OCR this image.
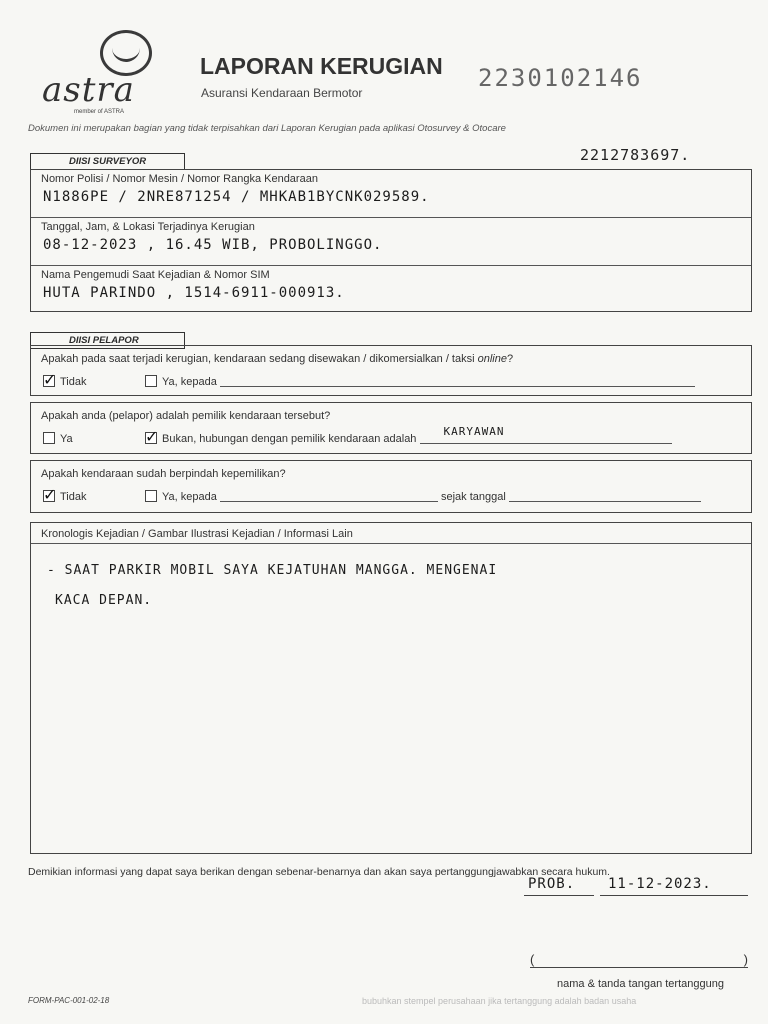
astra
member of ASTRA
LAPORAN KERUGIAN
Asuransi Kendaraan Bermotor
2230102146
Dokumen ini merupakan bagian yang tidak terpisahkan dari Laporan Kerugian pada aplikasi Otosurvey & Otocare
DIISI SURVEYOR	2212783697.
Nomor Polisi / Nomor Mesin / Nomor Rangka Kendaraan
N1886PE / 2NRE871254 / MHKAB1BYCNK029589.
Tanggal, Jam, & Lokasi Terjadinya Kerugian
08-12-2023 , 16.45 WIB, PROBOLINGGO.
Nama Pengemudi Saat Kejadian & Nomor SIM
HUTA PARINDO , 1514-6911-000913.
DIISI PELAPOR
Apakah pada saat terjadi kerugian, kendaraan sedang disewakan / dikomersialkan / taksi online?
✓Tidak	Ya, kepada
Apakah anda (pelapor) adalah pemilik kendaraan tersebut?
Ya
✓	Bukan, hubungan dengan pemilik kendaraan adalah
KARYAWAN
Apakah kendaraan sudah berpindah kepemilikan?
✓Tidak	Ya, kepada	sejak tanggal
Kronologis Kejadian / Gambar Ilustrasi Kejadian / Informasi Lain
- SAAT PARKIR MOBIL SAYA KEJATUHAN MANGGA. MENGENAI
KACA DEPAN.
Demikian informasi yang dapat saya berikan dengan sebenar-benarnya dan akan saya pertanggungjawabkan secara hukum.
PROB. 11-12-2023.
(	)
nama & tanda tangan tertanggung
bubuhkan stempel perusahaan jika tertanggung adalah badan usaha
FORM-PAC-001-02-18
